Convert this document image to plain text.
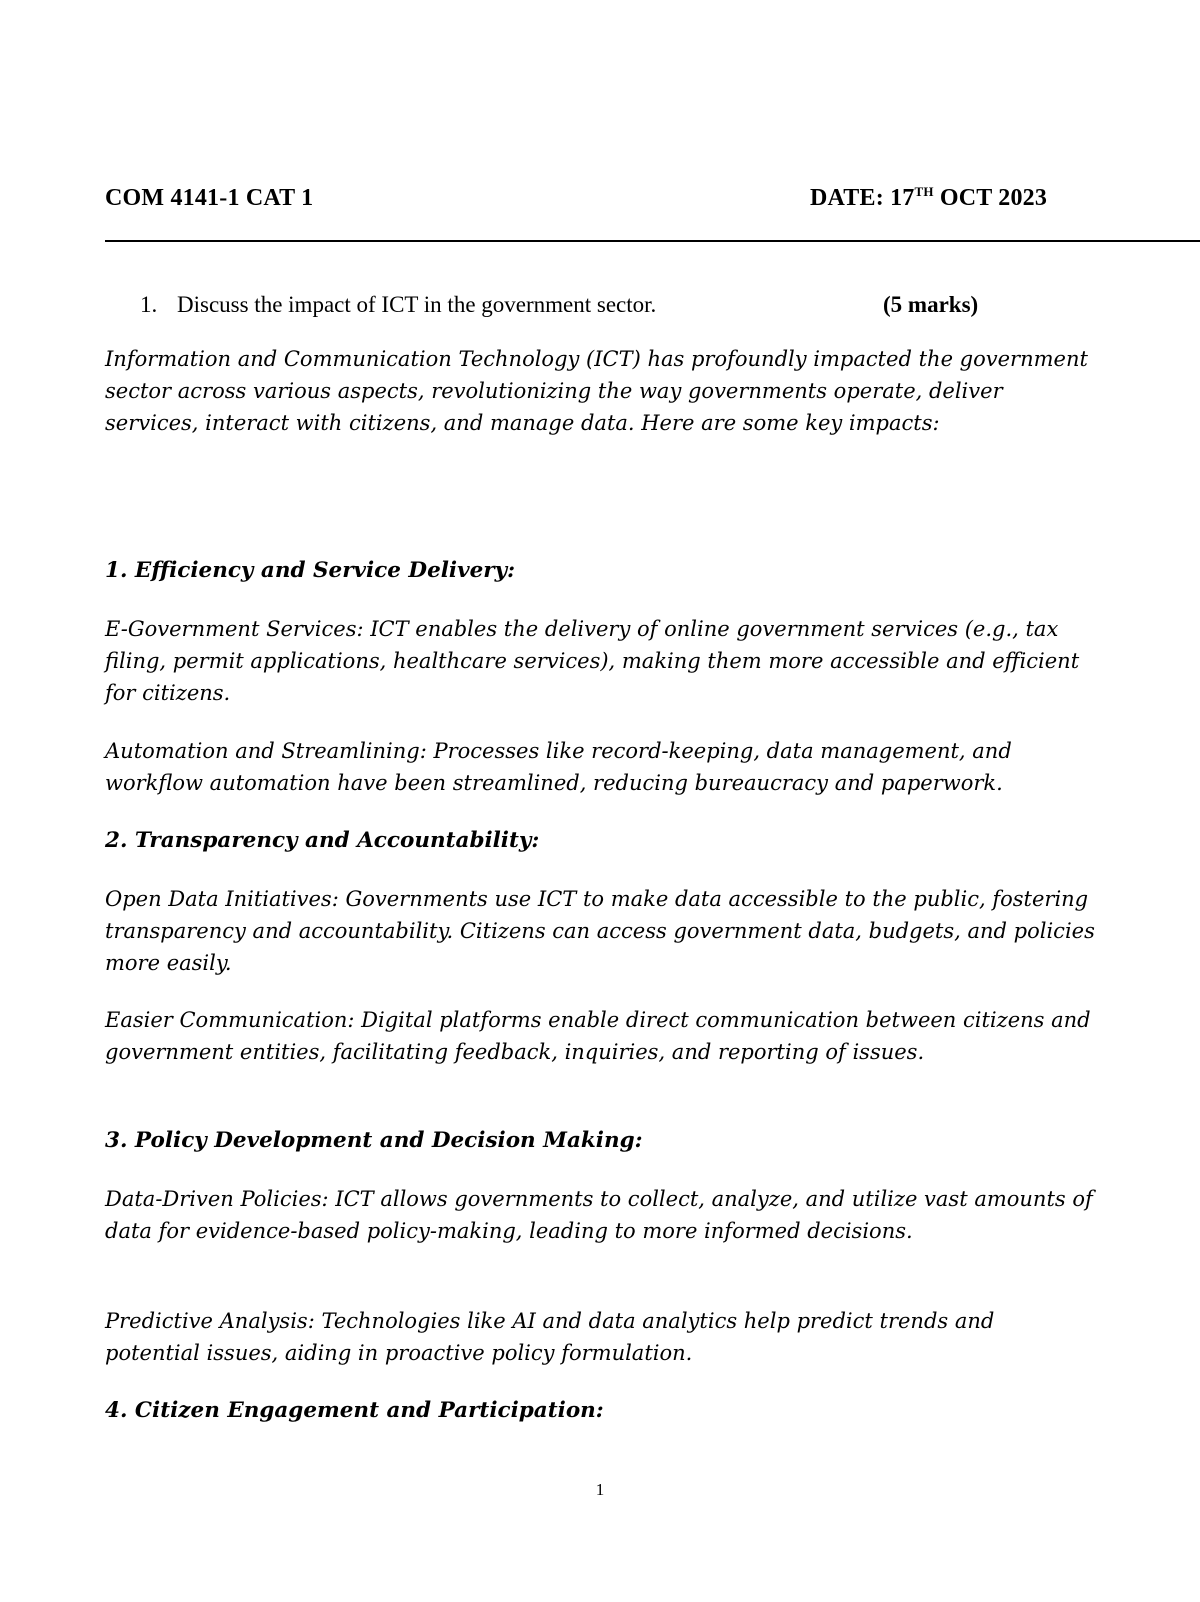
COM 4141-1 CAT 1	DATE: 17TH OCT 2023
1. Discuss the impact of ICT in the government sector.	(5 marks)

Information and Communication Technology (ICT) has profoundly impacted the government sector across various aspects, revolutionizing the way governments operate, deliver services, interact with citizens, and manage data. Here are some key impacts:

1. Efficiency and Service Delivery:

E-Government Services: ICT enables the delivery of online government services (e.g., tax filing, permit applications, healthcare services), making them more accessible and efficient for citizens.

Automation and Streamlining: Processes like record-keeping, data management, and workflow automation have been streamlined, reducing bureaucracy and paperwork.

2. Transparency and Accountability:

Open Data Initiatives: Governments use ICT to make data accessible to the public, fostering transparency and accountability. Citizens can access government data, budgets, and policies more easily.

Easier Communication: Digital platforms enable direct communication between citizens and government entities, facilitating feedback, inquiries, and reporting of issues.

3. Policy Development and Decision Making:

Data-Driven Policies: ICT allows governments to collect, analyze, and utilize vast amounts of data for evidence-based policy-making, leading to more informed decisions.

Predictive Analysis: Technologies like AI and data analytics help predict trends and potential issues, aiding in proactive policy formulation.

4. Citizen Engagement and Participation:

1
